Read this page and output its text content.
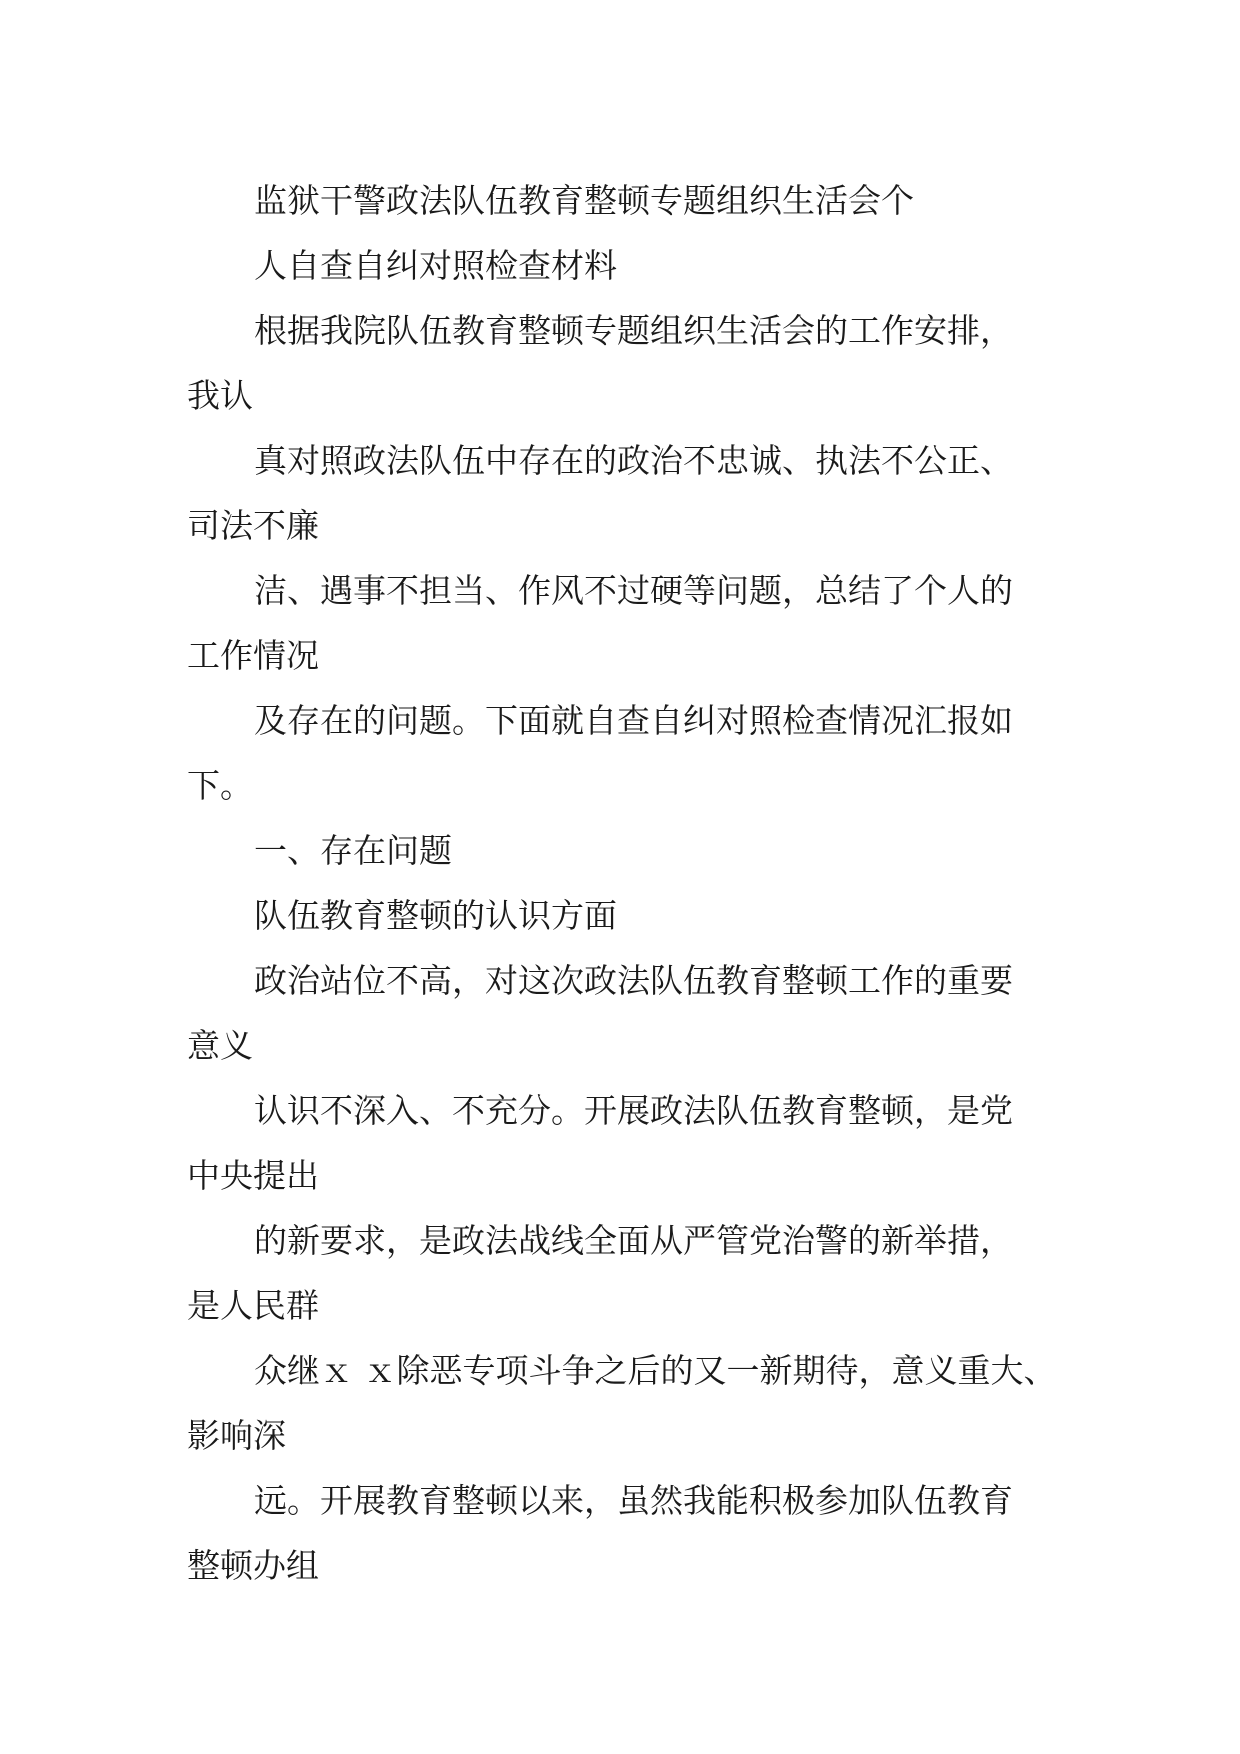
监狱干警政法队伍教育整顿专题组织生活会个
人自查自纠对照检查材料
根据我院队伍教育整顿专题组织生活会的工作安排，
我认
真对照政法队伍中存在的政治不忠诚、执法不公正、
司法不廉
洁、遇事不担当、作风不过硬等问题，总结了个人的
工作情况
及存在的问题。下面就自查自纠对照检查情况汇报如
下。
一、存在问题
队伍教育整顿的认识方面
政治站位不高，对这次政法队伍教育整顿工作的重要
意义
认识不深入、不充分。开展政法队伍教育整顿，是党
中央提出
的新要求，是政法战线全面从严管党治警的新举措，
是人民群
众继ｘ ｘ除恶专项斗争之后的又一新期待，意义重大、
影响深
远。开展教育整顿以来，虽然我能积极参加队伍教育
整顿办组
